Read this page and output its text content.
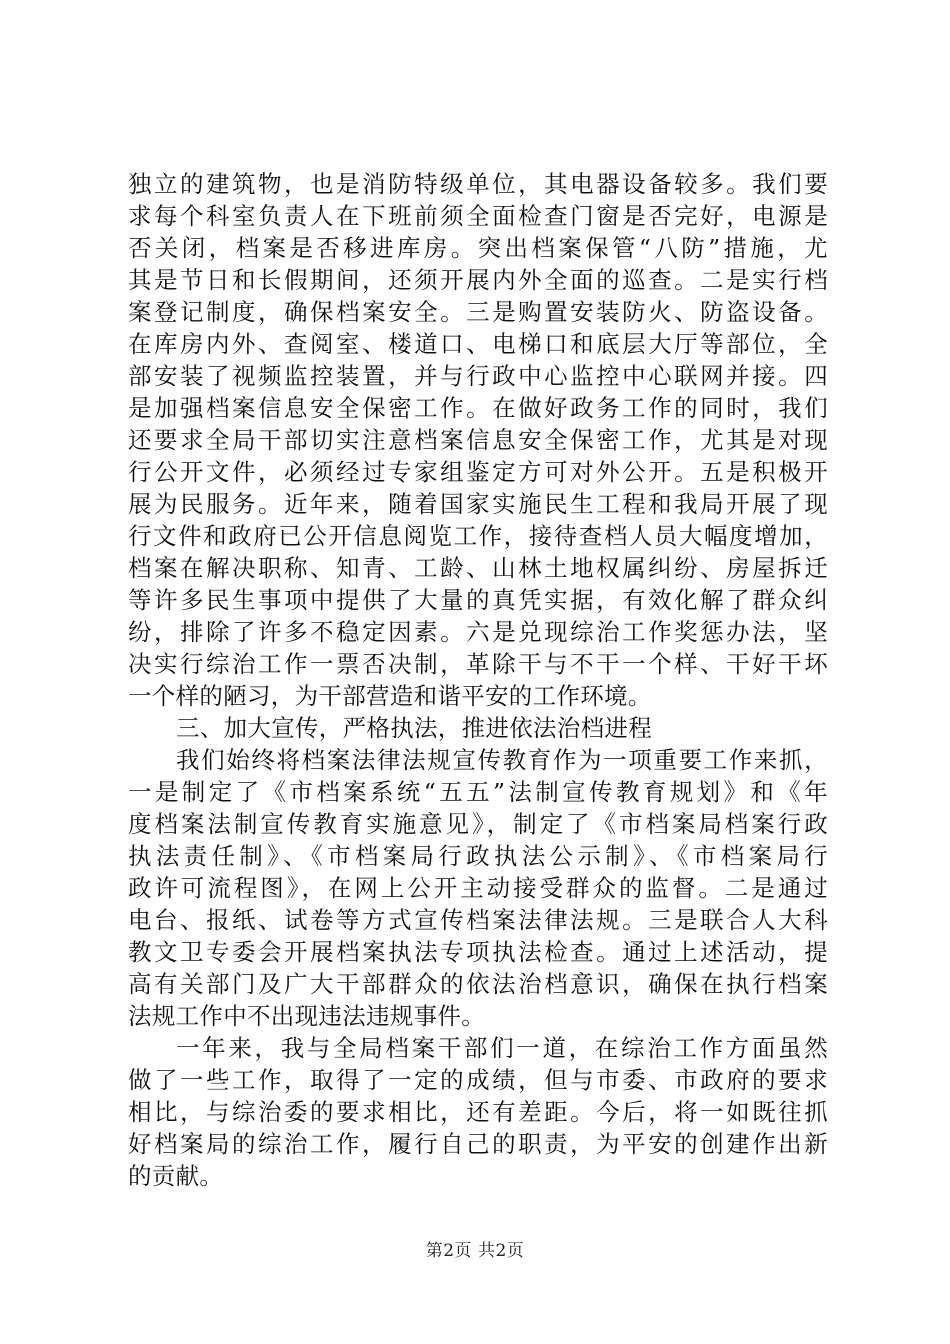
独立的建筑物，也是消防特级单位，其电器设备较多。我们要
求每个科室负责人在下班前须全面检查门窗是否完好，电源是
否关闭，档案是否移进库房。突出档案保管“八防”措施，尤
其是节日和长假期间，还须开展内外全面的巡查。二是实行档
案登记制度，确保档案安全。三是购置安装防火、防盗设备。
在库房内外、查阅室、楼道口、电梯口和底层大厅等部位，全
部安装了视频监控装置，并与行政中心监控中心联网并接。四
是加强档案信息安全保密工作。在做好政务工作的同时，我们
还要求全局干部切实注意档案信息安全保密工作，尤其是对现
行公开文件，必须经过专家组鉴定方可对外公开。五是积极开
展为民服务。近年来，随着国家实施民生工程和我局开展了现
行文件和政府已公开信息阅览工作，接待查档人员大幅度增加，
档案在解决职称、知青、工龄、山林土地权属纠纷、房屋拆迁
等许多民生事项中提供了大量的真凭实据，有效化解了群众纠
纷，排除了许多不稳定因素。六是兑现综治工作奖惩办法，坚
决实行综治工作一票否决制，革除干与不干一个样、干好干坏
一个样的陋习，为干部营造和谐平安的工作环境。
三、加大宣传，严格执法，推进依法治档进程
我们始终将档案法律法规宣传教育作为一项重要工作来抓，
一是制定了《市档案系统“五五”法制宣传教育规划》和《年
度档案法制宣传教育实施意见》，制定了《市档案局档案行政
执法责任制》、《市档案局行政执法公示制》、《市档案局行
政许可流程图》，在网上公开主动接受群众的监督。二是通过
电台、报纸、试卷等方式宣传档案法律法规。三是联合人大科
教文卫专委会开展档案执法专项执法检查。通过上述活动，提
高有关部门及广大干部群众的依法治档意识，确保在执行档案
法规工作中不出现违法违规事件。
一年来，我与全局档案干部们一道，在综治工作方面虽然
做了一些工作，取得了一定的成绩，但与市委、市政府的要求
相比，与综治委的要求相比，还有差距。今后，将一如既往抓
好档案局的综治工作，履行自己的职责，为平安的创建作出新
的贡献。
第2页 共2页
